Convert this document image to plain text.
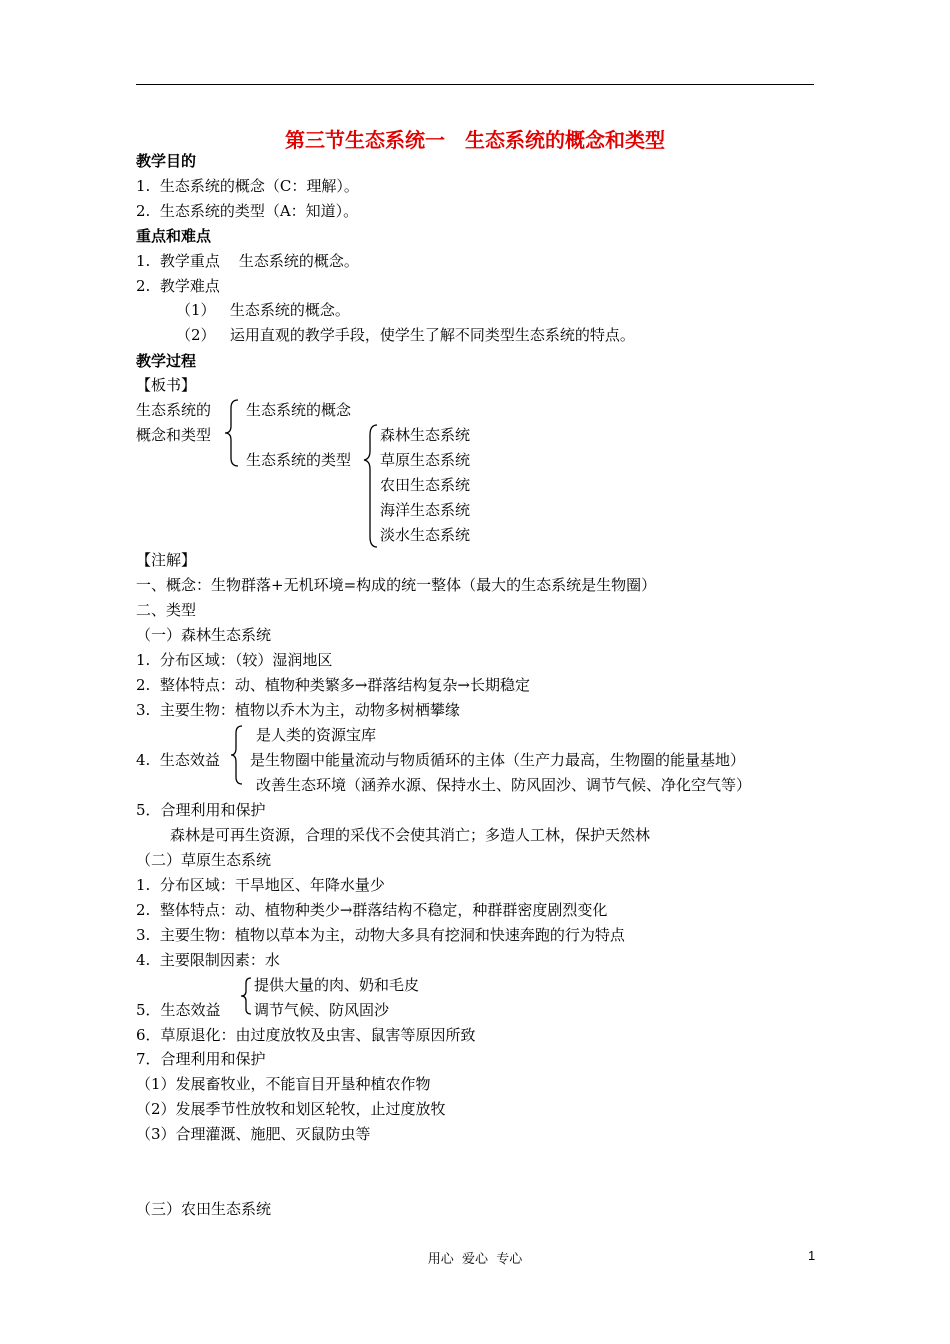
第三节生态系统一　生态系统的概念和类型
教学目的
1.  生态系统的概念（C：理解）。
2.  生态系统的类型（A：知道）。
重点和难点
1.  教学重点    生态系统的概念。
2.  教学难点
（1）   生态系统的概念。
（2）   运用直观的教学手段，使学生了解不同类型生态系统的特点。
教学过程
【板书】
生态系统的
概念和类型
生态系统的概念
生态系统的类型
森林生态系统
草原生态系统
农田生态系统
海洋生态系统
淡水生态系统
【注解】
一、概念：生物群落+无机环境=构成的统一整体（最大的生态系统是生物圈）
二、类型
（一）森林生态系统
1.  分布区域：（较）湿润地区
2.  整体特点：动、植物种类繁多→群落结构复杂→长期稳定
3.  主要生物：植物以乔木为主，动物多树栖攀缘
是人类的资源宝库
4.  生态效益 是生物圈中能量流动与物质循环的主体（生产力最高，生物圈的能量基地）
改善生态环境（涵养水源、保持水土、防风固沙、调节气候、净化空气等）
5．合理利用和保护
森林是可再生资源，合理的采伐不会使其消亡；多造人工林，保护天然林
（二）草原生态系统
1.  分布区域：干旱地区、年降水量少
2.  整体特点：动、植物种类少→群落结构不稳定，种群群密度剧烈变化
3.  主要生物：植物以草本为主，动物大多具有挖洞和快速奔跑的行为特点
4.  主要限制因素：水
提供大量的肉、奶和毛皮
5．生态效益 调节气候、防风固沙
6．草原退化：由过度放牧及虫害、鼠害等原因所致
7．合理利用和保护
（1）发展畜牧业，不能盲目开垦种植农作物
（2）发展季节性放牧和划区轮牧，止过度放牧
（3）合理灌溉、施肥、灭鼠防虫等
（三）农田生态系统
用心  爱心  专心	1
